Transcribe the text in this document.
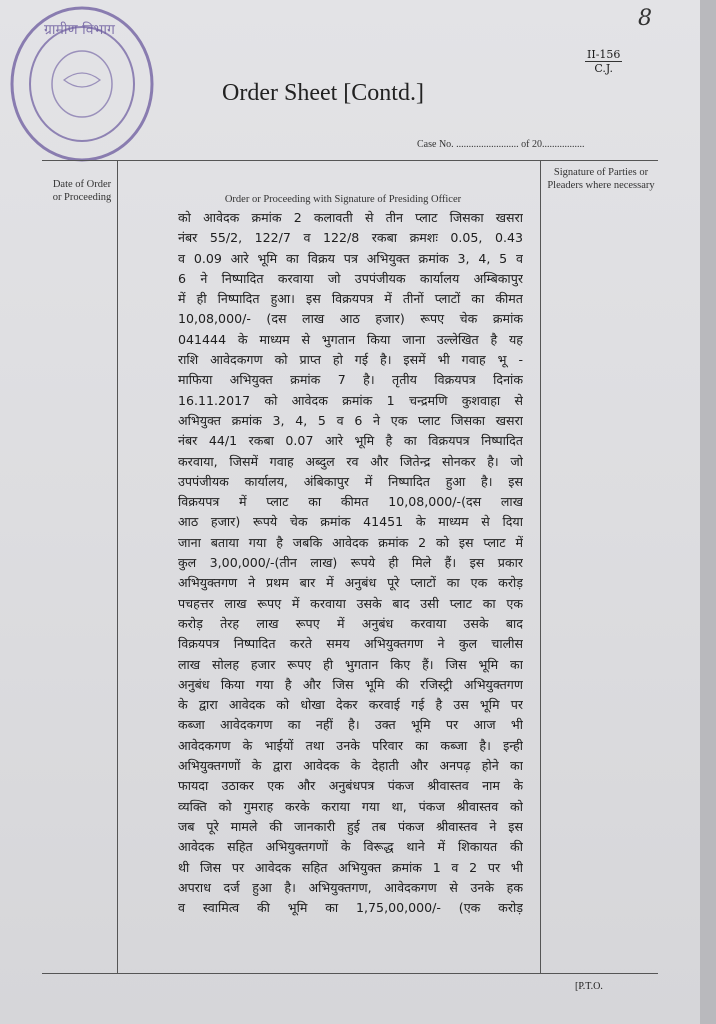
ग्रामीण विभाग	8
II-156
C.J.
Order Sheet [Contd.]
Case No. ......................... of 20.................
Date of Order or Proceeding	Order or Proceeding with Signature of Presiding Officer
Signature of Parties or Pleaders where necessary
को आवेदक क्रमांक 2 कलावती से तीन प्लाट जिसका खसरा
नंबर 55/2, 122/7 व 122/8 रकबा क्रमशः 0.05, 0.43
व 0.09 आरे भूमि का विक्रय पत्र अभियुक्त क्रमांक 3, 4, 5 व
6 ने निष्पादित करवाया जो उपपंजीयक कार्यालय अम्बिकापुर
में ही निष्पादित हुआ। इस विक्रयपत्र में तीनों प्लाटों का कीमत
10,08,000/- (दस लाख आठ हजार) रूपए चेक क्रमांक
041444 के माध्यम से भुगतान किया जाना उल्लेखित है यह
राशि आवेदकगण को प्राप्त हो गई है। इसमें भी गवाह भू -
माफिया अभियुक्त क्रमांक 7 है। तृतीय विक्रयपत्र दिनांक
16.11.2017 को आवेदक क्रमांक 1 चन्द्रमणि कुशवाहा से
अभियुक्त क्रमांक 3, 4, 5 व 6 ने एक प्लाट जिसका खसरा
नंबर 44/1 रकबा 0.07 आरे भूमि है का विक्रयपत्र निष्पादित
करवाया, जिसमें गवाह अब्दुल रव और जितेन्द्र सोनकर है। जो
उपपंजीयक कार्यालय, अंबिकापुर में निष्पादित हुआ है। इस
विक्रयपत्र में प्लाट का कीमत 10,08,000/-(दस लाख
आठ हजार) रूपये चेक क्रमांक 41451 के माध्यम से दिया
जाना बताया गया है जबकि आवेदक क्रमांक 2 को इस प्लाट में
कुल 3,00,000/-(तीन लाख) रूपये ही मिले हैं। इस प्रकार
अभियुक्तगण ने प्रथम बार में अनुबंध पूरे प्लाटों का एक करोड़
पचहत्तर लाख रूपए में करवाया उसके बाद उसी प्लाट का एक
करोड़ तेरह लाख रूपए में अनुबंध करवाया उसके बाद
विक्रयपत्र निष्पादित करते समय अभियुक्तगण ने कुल चालीस
लाख सोलह हजार रूपए ही भुगतान किए हैं। जिस भूमि का
अनुबंध किया गया है और जिस भूमि की रजिस्ट्री अभियुक्तगण
के द्वारा आवेदक को धोखा देकर करवाई गई है उस भूमि पर
कब्जा आवेदकगण का नहीं है। उक्त भूमि पर आज भी
आवेदकगण के भाईयों तथा उनके परिवार का कब्जा है। इन्ही
अभियुक्तगणों के द्वारा आवेदक के देहाती और अनपढ़ होने का
फायदा उठाकर एक और अनुबंधपत्र पंकज श्रीवास्तव नाम के
व्यक्ति को गुमराह करके कराया गया था, पंकज श्रीवास्तव को
जब पूरे मामले की जानकारी हुई तब पंकज श्रीवास्तव ने इस
आवेदक सहित अभियुक्तगणों के विरूद्ध थाने में शिकायत की
थी जिस पर आवेदक सहित अभियुक्त क्रमांक 1 व 2 पर भी
अपराध दर्ज हुआ है। अभियुक्तगण, आवेदकगण से उनके हक
व स्वामित्व की भूमि का 1,75,00,000/- (एक करोड़
[P.T.O.
